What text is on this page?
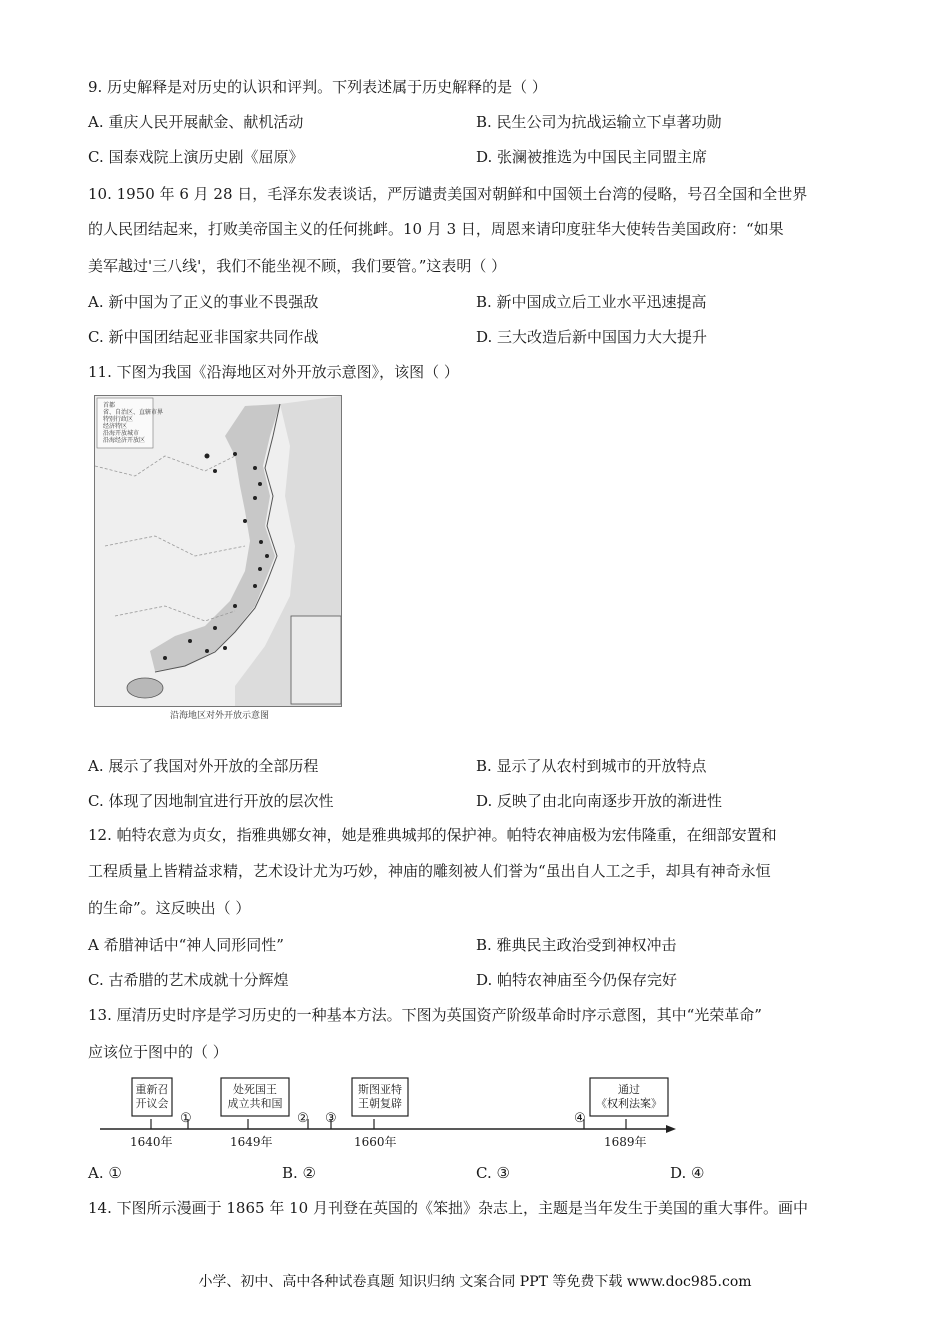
9. 历史解释是对历史的认识和评判。下列表述属于历史解释的是（ ）
A. 重庆人民开展献金、献机活动	B. 民生公司为抗战运输立下卓著功勋
C. 国泰戏院上演历史剧《屈原》	D. 张澜被推选为中国民主同盟主席
10. 1950 年 6 月 28 日，毛泽东发表谈话，严厉谴责美国对朝鲜和中国领土台湾的侵略，号召全国和全世界
的人民团结起来，打败美帝国主义的任何挑衅。10 月 3 日，周恩来请印度驻华大使转告美国政府：“如果
美军越过'三八线'，我们不能坐视不顾，我们要管。”这表明（ ）
A. 新中国为了正义的事业不畏强敌	B. 新中国成立后工业水平迅速提高
C. 新中国团结起亚非国家共同作战	D. 三大改造后新中国国力大大提升
11. 下图为我国《沿海地区对外开放示意图》，该图（ ）
首都
省、自治区、直辖市界
特别行政区
经济特区
沿海开放城市
沿海经济开放区
沿海地区对外开放示意图
A. 展示了我国对外开放的全部历程	B. 显示了从农村到城市的开放特点
C. 体现了因地制宜进行开放的层次性	D. 反映了由北向南逐步开放的渐进性
12. 帕特农意为贞女，指雅典娜女神，她是雅典城邦的保护神。帕特农神庙极为宏伟隆重，在细部安置和
工程质量上皆精益求精，艺术设计尤为巧妙，神庙的雕刻被人们誉为“虽出自人工之手，却具有神奇永恒
的生命”。这反映出（ ）
A 希腊神话中“神人同形同性”	B. 雅典民主政治受到神权冲击
C. 古希腊的艺术成就十分辉煌	D. 帕特农神庙至今仍保存完好
13. 厘清历史时序是学习历史的一种基本方法。下图为英国资产阶级革命时序示意图，其中“光荣革命”
应该位于图中的（ ）
重新召
开议会
处死国王
成立共和国
斯图亚特
王朝复辟
通过
《权利法案》
①	② ③	④
1640年	1649年	1660年	1689年
A. ①	B. ②	C. ③	D. ④
14. 下图所示漫画于 1865 年 10 月刊登在英国的《笨拙》杂志上，主题是当年发生于美国的重大事件。画中
小学、初中、高中各种试卷真题 知识归纳 文案合同 PPT 等免费下载 www.doc985.com
